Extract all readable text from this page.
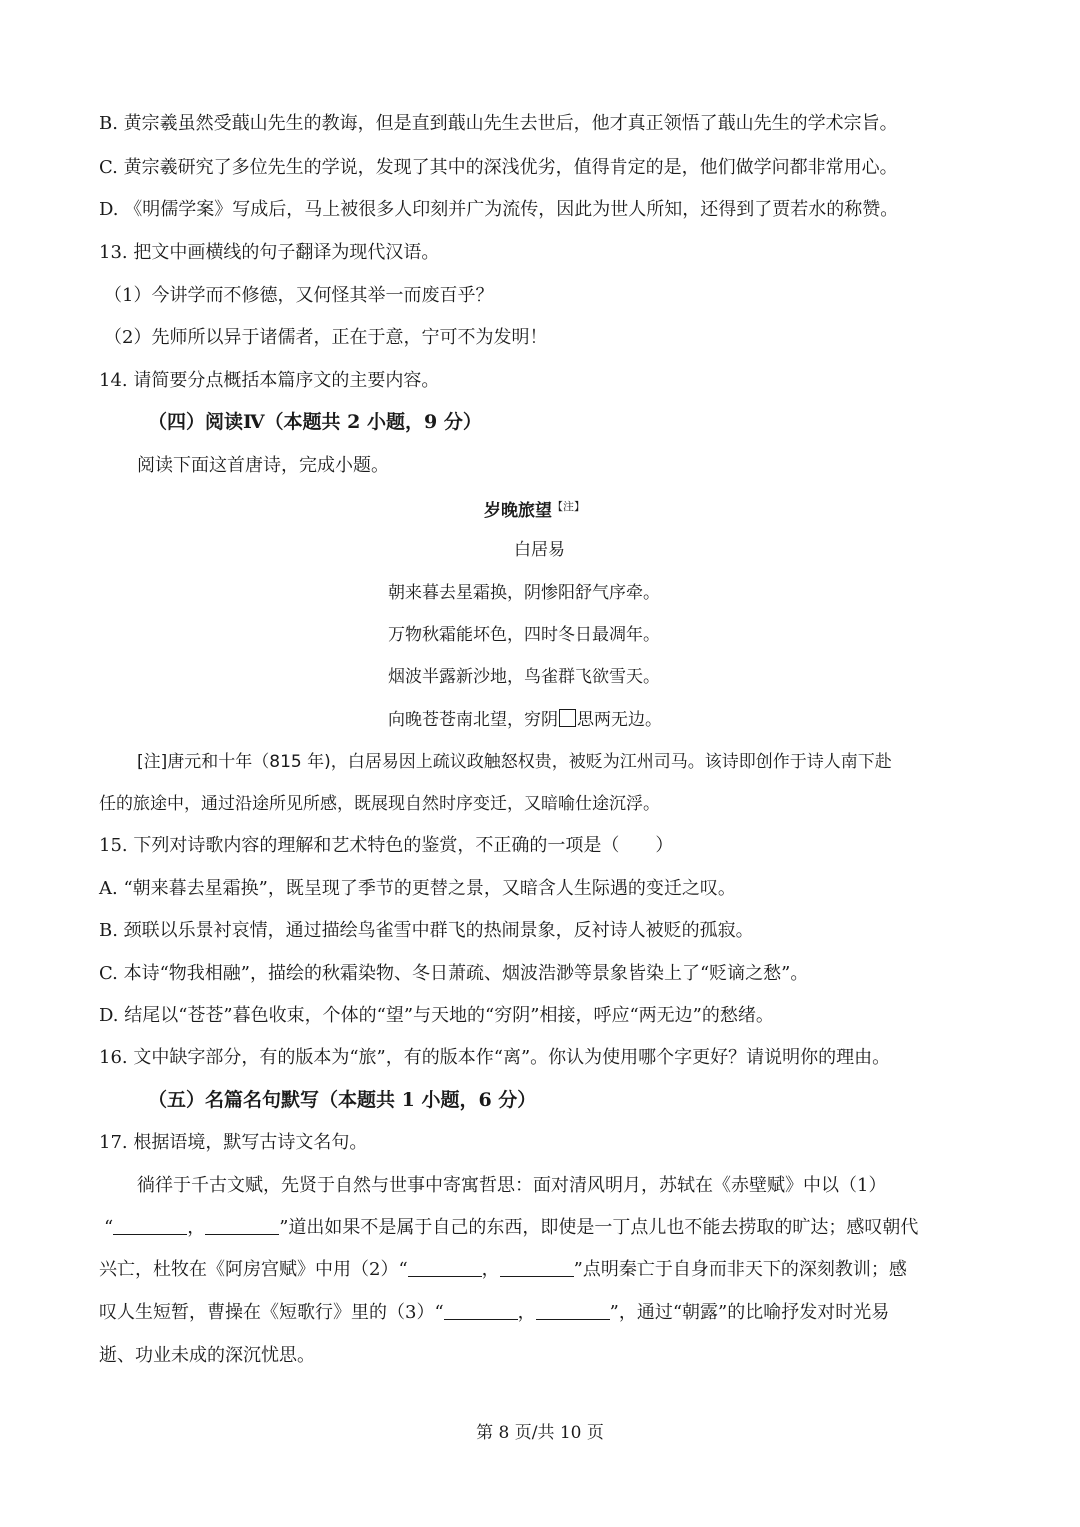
B. 黄宗羲虽然受蕺山先生的教诲，但是直到蕺山先生去世后，他才真正领悟了蕺山先生的学术宗旨。
C. 黄宗羲研究了多位先生的学说，发现了其中的深浅优劣，值得肯定的是，他们做学问都非常用心。
D. 《明儒学案》写成后，马上被很多人印刻并广为流传，因此为世人所知，还得到了贾若水的称赞。
13. 把文中画横线的句子翻译为现代汉语。
（1）今讲学而不修德，又何怪其举一而废百乎？
（2）先师所以异于诸儒者，正在于意，宁可不为发明！
14. 请简要分点概括本篇序文的主要内容。
（四）阅读Ⅳ（本题共 2 小题，9 分）
阅读下面这首唐诗，完成小题。
岁晚旅望$^{【注】}$
白居易
朝来暮去星霜换，阴惨阳舒气序牵。
万物秋霜能坏色，四时冬日最凋年。
烟波半露新沙地，鸟雀群飞欲雪天。
向晚苍苍南北望，穷阴 思两无边。
[注]唐元和十年（815 年)，白居易因上疏议政触怒权贵，被贬为江州司马。该诗即创作于诗人南下赴
任的旅途中，通过沿途所见所感，既展现自然时序变迁，又暗喻仕途沉浮。
15. 下列对诗歌内容的理解和艺术特色的鉴赏，不正确的一项是（　　）
A. “朝来暮去星霜换”，既呈现了季节的更替之景，又暗含人生际遇的变迁之叹。
B. 颈联以乐景衬哀情，通过描绘鸟雀雪中群飞的热闹景象，反衬诗人被贬的孤寂。
C. 本诗“物我相融”，描绘的秋霜染物、冬日萧疏、烟波浩渺等景象皆染上了“贬谪之愁”。
D. 结尾以“苍苍”暮色收束，个体的“望”与天地的“穷阴”相接，呼应“两无边”的愁绪。
16. 文中缺字部分，有的版本为“旅”，有的版本作“离”。你认为使用哪个字更好？请说明你的理由。
（五）名篇名句默写（本题共 1 小题，6 分）
17. 根据语境，默写古诗文名句。
徜徉于千古文赋，先贤于自然与世事中寄寓哲思：面对清风明月，苏轼在《赤壁赋》中以（1）
“	，	”道出如果不是属于自己的东西，即使是一丁点儿也不能去捞取的旷达；感叹朝代
兴亡，杜牧在《阿房宫赋》中用（2）“	，	”点明秦亡于自身而非天下的深刻教训；感
叹人生短暂，曹操在《短歌行》里的（3）“	，	”，通过“朝露”的比喻抒发对时光易
逝、功业未成的深沉忧思。
第 8 页/共 10 页
